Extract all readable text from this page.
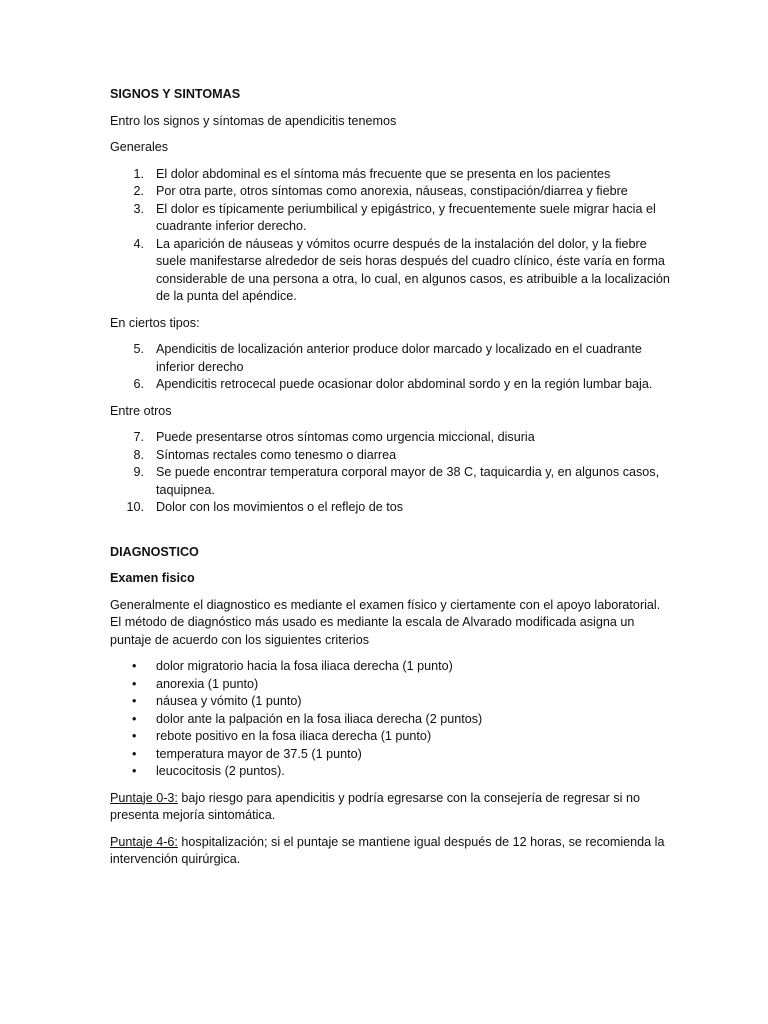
SIGNOS Y SINTOMAS

Entro los signos y síntomas de apendicitis tenemos

Generales

1. El dolor abdominal es el síntoma más frecuente que se presenta en los pacientes
2. Por otra parte, otros síntomas como anorexia, náuseas, constipación/diarrea y fiebre
3. El dolor es típicamente periumbilical y epigástrico, y frecuentemente suele migrar hacia el cuadrante inferior derecho.
4. La aparición de náuseas y vómitos ocurre después de la instalación del dolor, y la fiebre suele manifestarse alrededor de seis horas después del cuadro clínico, éste varía en forma considerable de una persona a otra, lo cual, en algunos casos, es atribuible a la localización de la punta del apéndice.

En ciertos tipos:

5. Apendicitis de localización anterior produce dolor marcado y localizado en el cuadrante inferior derecho
6. Apendicitis retrocecal puede ocasionar dolor abdominal sordo y en la región lumbar baja.

Entre otros

7. Puede presentarse otros síntomas como urgencia miccional, disuria
8. Síntomas rectales como tenesmo o diarrea
9. Se puede encontrar temperatura corporal mayor de 38 C, taquicardia y, en algunos casos, taquipnea.
10. Dolor con los movimientos o el reflejo de tos

DIAGNOSTICO

Examen fisico

Generalmente el diagnostico es mediante el examen físico y ciertamente con el apoyo laboratorial. El método de diagnóstico más usado es mediante la escala de Alvarado modificada asigna un puntaje de acuerdo con los siguientes criterios

• dolor migratorio hacia la fosa iliaca derecha (1 punto)
• anorexia (1 punto)
• náusea y vómito (1 punto)
• dolor ante la palpación en la fosa iliaca derecha (2 puntos)
• rebote positivo en la fosa iliaca derecha (1 punto)
• temperatura mayor de 37.5 (1 punto)
• leucocitosis (2 puntos).

Puntaje 0-3: bajo riesgo para apendicitis y podría egresarse con la consejería de regresar si no presenta mejoría sintomática.

Puntaje 4-6: hospitalización; si el puntaje se mantiene igual después de 12 horas, se recomienda la intervención quirúrgica.
